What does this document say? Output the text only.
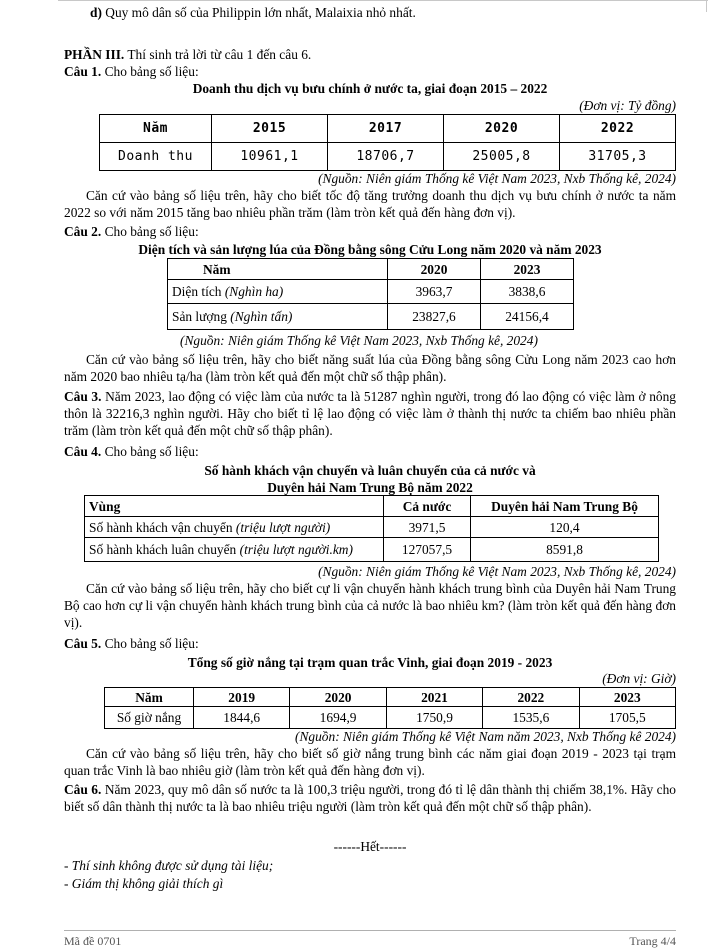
d) Quy mô dân số của Philippin lớn nhất, Malaixia nhỏ nhất.
PHẦN III. Thí sinh trả lời từ câu 1 đến câu 6.
Câu 1. Cho bảng số liệu:
Doanh thu dịch vụ bưu chính ở nước ta, giai đoạn 2015 – 2022
(Đơn vị: Tỷ đồng)
Năm	2015	2017	2020	2022
Doanh thu	10961,1	18706,7	25005,8	31705,3
(Nguồn: Niên giám Thống kê Việt Nam 2023, Nxb Thống kê, 2024)
Căn cứ vào bảng số liệu trên, hãy cho biết tốc độ tăng trưởng doanh thu dịch vụ bưu chính ở nước ta năm 2022 so với năm 2015 tăng bao nhiêu phần trăm (làm tròn kết quả đến hàng đơn vị).
Câu 2. Cho bảng số liệu:
Diện tích và sản lượng lúa của Đồng bằng sông Cửu Long năm 2020 và năm 2023
Năm	2020	2023
Diện tích (Nghìn ha)	3963,7	3838,6
Sản lượng (Nghìn tấn)	23827,6	24156,4
(Nguồn: Niên giám Thống kê Việt Nam 2023, Nxb Thống kê, 2024)
Căn cứ vào bảng số liệu trên, hãy cho biết năng suất lúa của Đồng bằng sông Cửu Long năm 2023 cao hơn năm 2020 bao nhiêu tạ/ha (làm tròn kết quả đến một chữ số thập phân).
Câu 3. Năm 2023, lao động có việc làm của nước ta là 51287 nghìn người, trong đó lao động có việc làm ở nông thôn là 32216,3 nghìn người. Hãy cho biết tỉ lệ lao động có việc làm ở thành thị nước ta chiếm bao nhiêu phần trăm (làm tròn kết quả đến một chữ số thập phân).
Câu 4. Cho bảng số liệu:
Số hành khách vận chuyển và luân chuyển của cả nước và
Duyên hải Nam Trung Bộ năm 2022
Vùng	Cả nước	Duyên hải Nam Trung Bộ
Số hành khách vận chuyển (triệu lượt người)	3971,5	120,4
Số hành khách luân chuyển (triệu lượt người.km)	127057,5	8591,8
(Nguồn: Niên giám Thống kê Việt Nam 2023, Nxb Thống kê, 2024)
Căn cứ vào bảng số liệu trên, hãy cho biết cự li vận chuyển hành khách trung bình của Duyên hải Nam Trung Bộ cao hơn cự li vận chuyển hành khách trung bình của cả nước là bao nhiêu km? (làm tròn kết quả đến hàng đơn vị).
Câu 5. Cho bảng số liệu:
Tổng số giờ nắng tại trạm quan trắc Vinh, giai đoạn 2019 - 2023
(Đơn vị: Giờ)
Năm	2019	2020	2021	2022	2023
Số giờ nắng	1844,6	1694,9	1750,9	1535,6	1705,5
(Nguồn: Niên giám Thống kê Việt Nam năm 2023, Nxb Thống kê 2024)
Căn cứ vào bảng số liệu trên, hãy cho biết số giờ nắng trung bình các năm giai đoạn 2019 - 2023 tại trạm quan trắc Vinh là bao nhiêu giờ (làm tròn kết quả đến hàng đơn vị).
Câu 6. Năm 2023, quy mô dân số nước ta là 100,3 triệu người, trong đó tỉ lệ dân thành thị chiếm 38,1%. Hãy cho biết số dân thành thị nước ta là bao nhiêu triệu người (làm tròn kết quả đến một chữ số thập phân).
------Hết------
- Thí sinh không được sử dụng tài liệu;
- Giám thị không giải thích gì
Mã đề 0701	Trang 4/4
